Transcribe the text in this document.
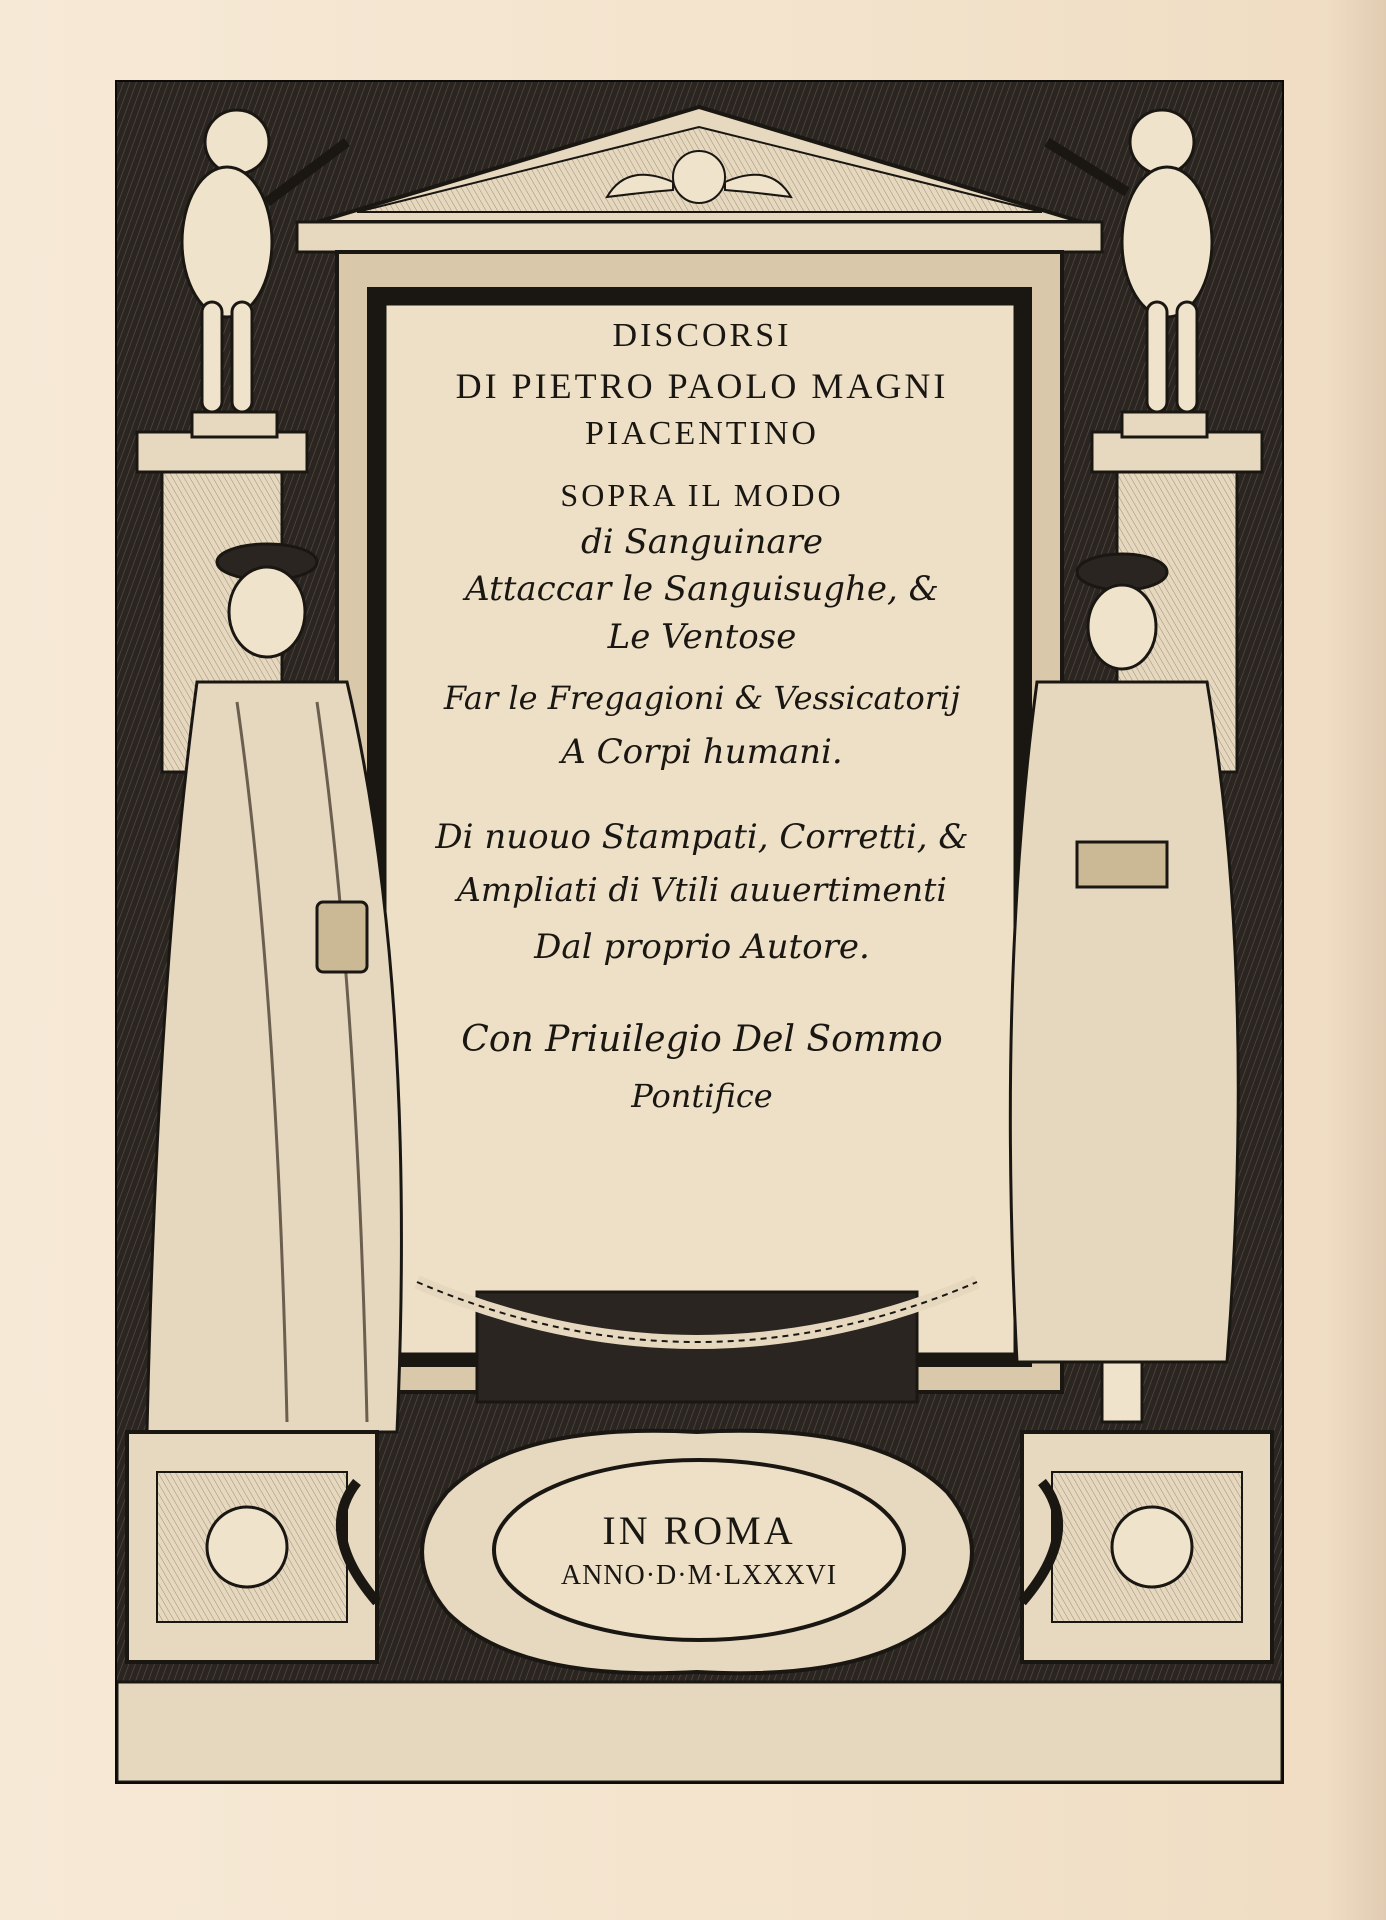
DISCORSI
DI PIETRO PAOLO MAGNI
PIACENTINO
SOPRA IL MODO
di Sanguinare
Attaccar le Sanguisughe, &
Le Ventose
Far le Fregagioni & Vessicatorij
A Corpi humani.
Di nuouo Stampati, Corretti, &
Ampliati di Vtili auuertimenti
Dal proprio Autore.
Con Priuilegio Del Sommo
Pontifice
IN ROMA
ANNO·D·M·LXXXVI
